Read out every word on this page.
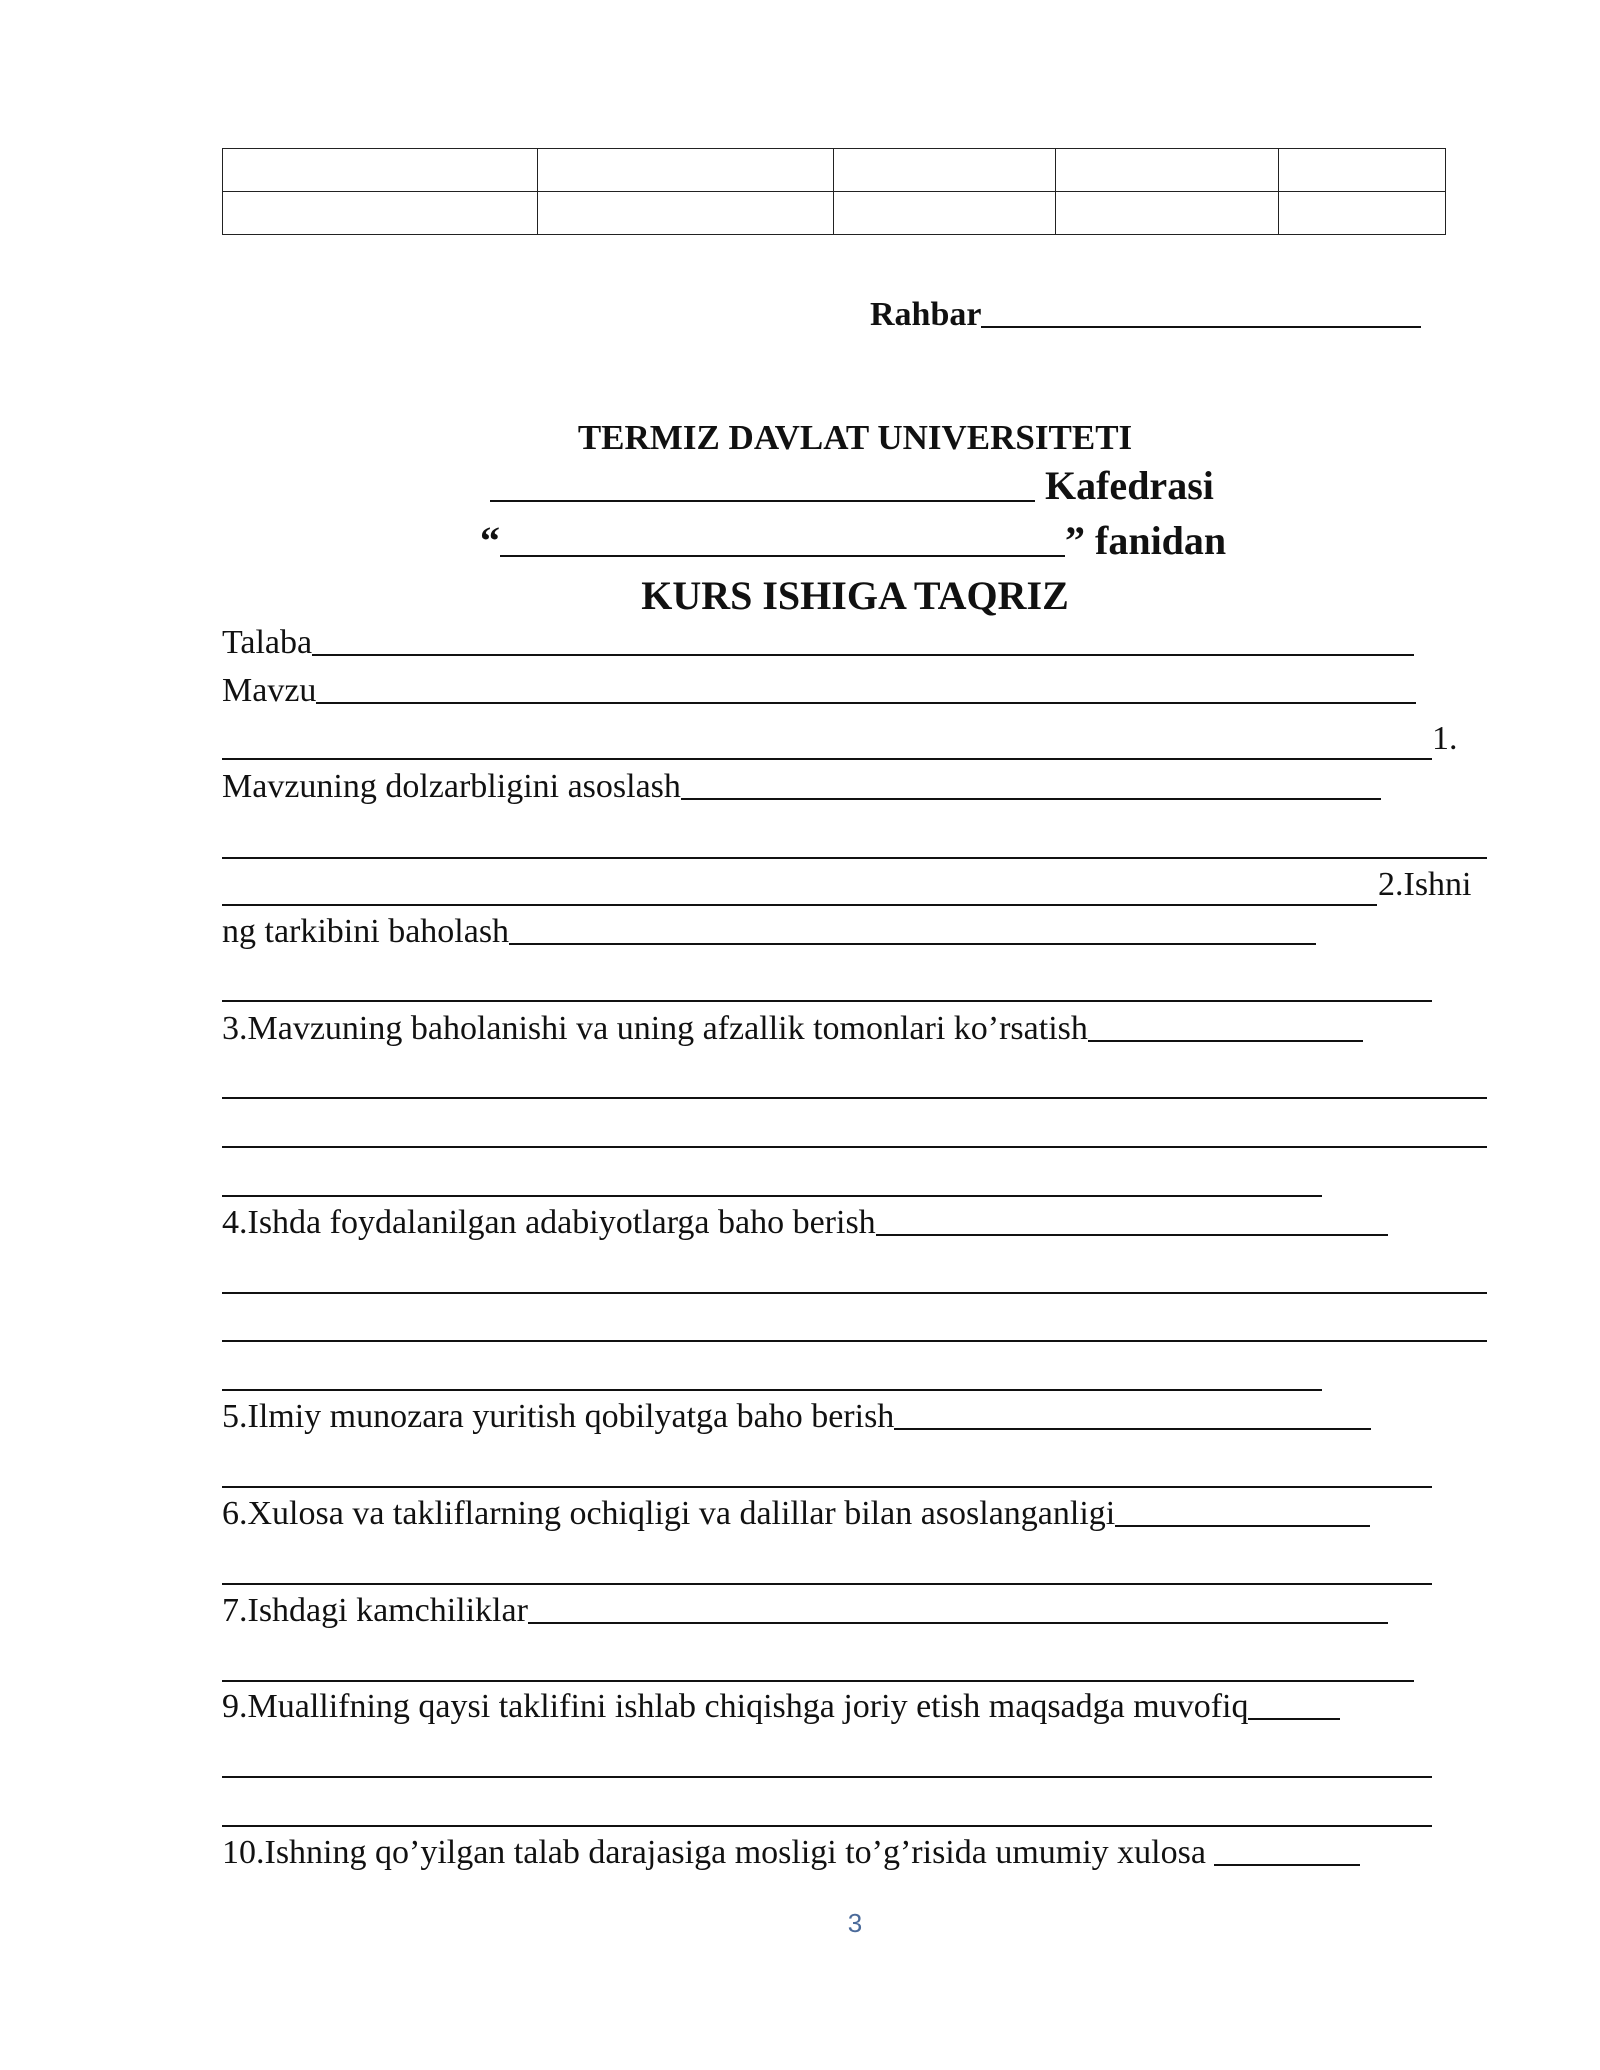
Rahbar
TERMIZ DAVLAT UNIVERSITETI
Kafedrasi
“	” fanidan
KURS ISHIGA TAQRIZ
Talaba
Mavzu
1.
Mavzuning dolzarbligini asoslash
2.Ishni
ng tarkibini baholash
3.Mavzuning baholanishi va uning afzallik tomonlari ko’rsatish
4.Ishda foydalanilgan adabiyotlarga baho berish
5.Ilmiy munozara yuritish qobilyatga baho berish
6.Xulosa va takliflarning ochiqligi va dalillar bilan asoslanganligi
7.Ishdagi kamchiliklar
9.Muallifning qaysi taklifini ishlab chiqishga joriy etish maqsadga muvofiq
10.Ishning qo’yilgan talab darajasiga mosligi to’g’risida umumiy xulosa
3
